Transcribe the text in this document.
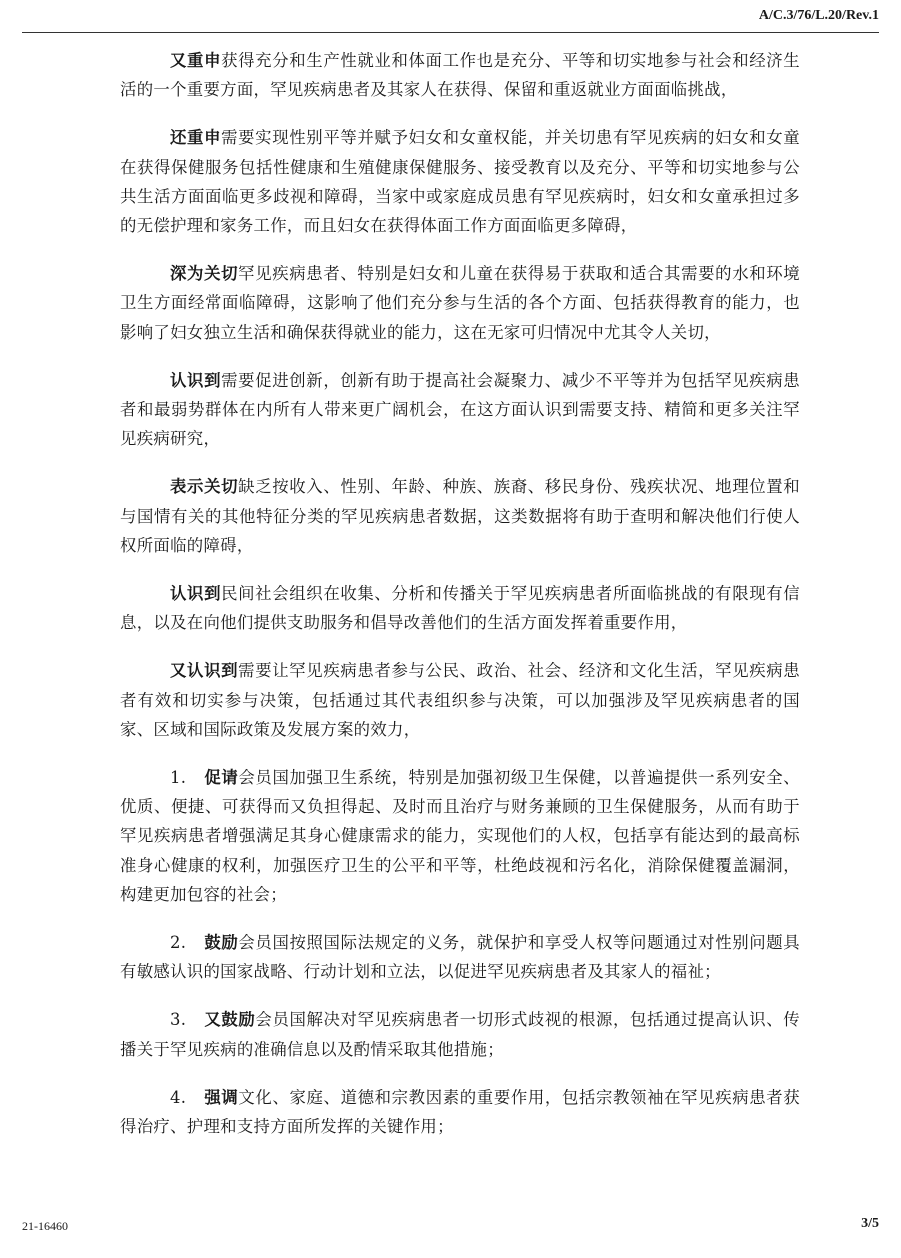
A/C.3/76/L.20/Rev.1

又重申获得充分和生产性就业和体面工作也是充分、平等和切实地参与社会和经济生活的一个重要方面，罕见疾病患者及其家人在获得、保留和重返就业方面面临挑战，

还重申需要实现性别平等并赋予妇女和女童权能，并关切患有罕见疾病的妇女和女童在获得保健服务包括性健康和生殖健康保健服务、接受教育以及充分、平等和切实地参与公共生活方面面临更多歧视和障碍，当家中或家庭成员患有罕见疾病时，妇女和女童承担过多的无偿护理和家务工作，而且妇女在获得体面工作方面面临更多障碍，

深为关切罕见疾病患者、特别是妇女和儿童在获得易于获取和适合其需要的水和环境卫生方面经常面临障碍，这影响了他们充分参与生活的各个方面、包括获得教育的能力，也影响了妇女独立生活和确保获得就业的能力，这在无家可归情况中尤其令人关切，

认识到需要促进创新，创新有助于提高社会凝聚力、减少不平等并为包括罕见疾病患者和最弱势群体在内所有人带来更广阔机会，在这方面认识到需要支持、精简和更多关注罕见疾病研究，

表示关切缺乏按收入、性别、年龄、种族、族裔、移民身份、残疾状况、地理位置和与国情有关的其他特征分类的罕见疾病患者数据，这类数据将有助于查明和解决他们行使人权所面临的障碍，

认识到民间社会组织在收集、分析和传播关于罕见疾病患者所面临挑战的有限现有信息，以及在向他们提供支助服务和倡导改善他们的生活方面发挥着重要作用，

又认识到需要让罕见疾病患者参与公民、政治、社会、经济和文化生活，罕见疾病患者有效和切实参与决策，包括通过其代表组织参与决策，可以加强涉及罕见疾病患者的国家、区域和国际政策及发展方案的效力，

1. 促请会员国加强卫生系统，特别是加强初级卫生保健，以普遍提供一系列安全、优质、便捷、可获得而又负担得起、及时而且治疗与财务兼顾的卫生保健服务，从而有助于罕见疾病患者增强满足其身心健康需求的能力，实现他们的人权，包括享有能达到的最高标准身心健康的权利，加强医疗卫生的公平和平等，杜绝歧视和污名化，消除保健覆盖漏洞，构建更加包容的社会；

2. 鼓励会员国按照国际法规定的义务，就保护和享受人权等问题通过对性别问题具有敏感认识的国家战略、行动计划和立法，以促进罕见疾病患者及其家人的福祉；

3. 又鼓励会员国解决对罕见疾病患者一切形式歧视的根源，包括通过提高认识、传播关于罕见疾病的准确信息以及酌情采取其他措施；

4. 强调文化、家庭、道德和宗教因素的重要作用，包括宗教领袖在罕见疾病患者获得治疗、护理和支持方面所发挥的关键作用；

21-16460	3/5
